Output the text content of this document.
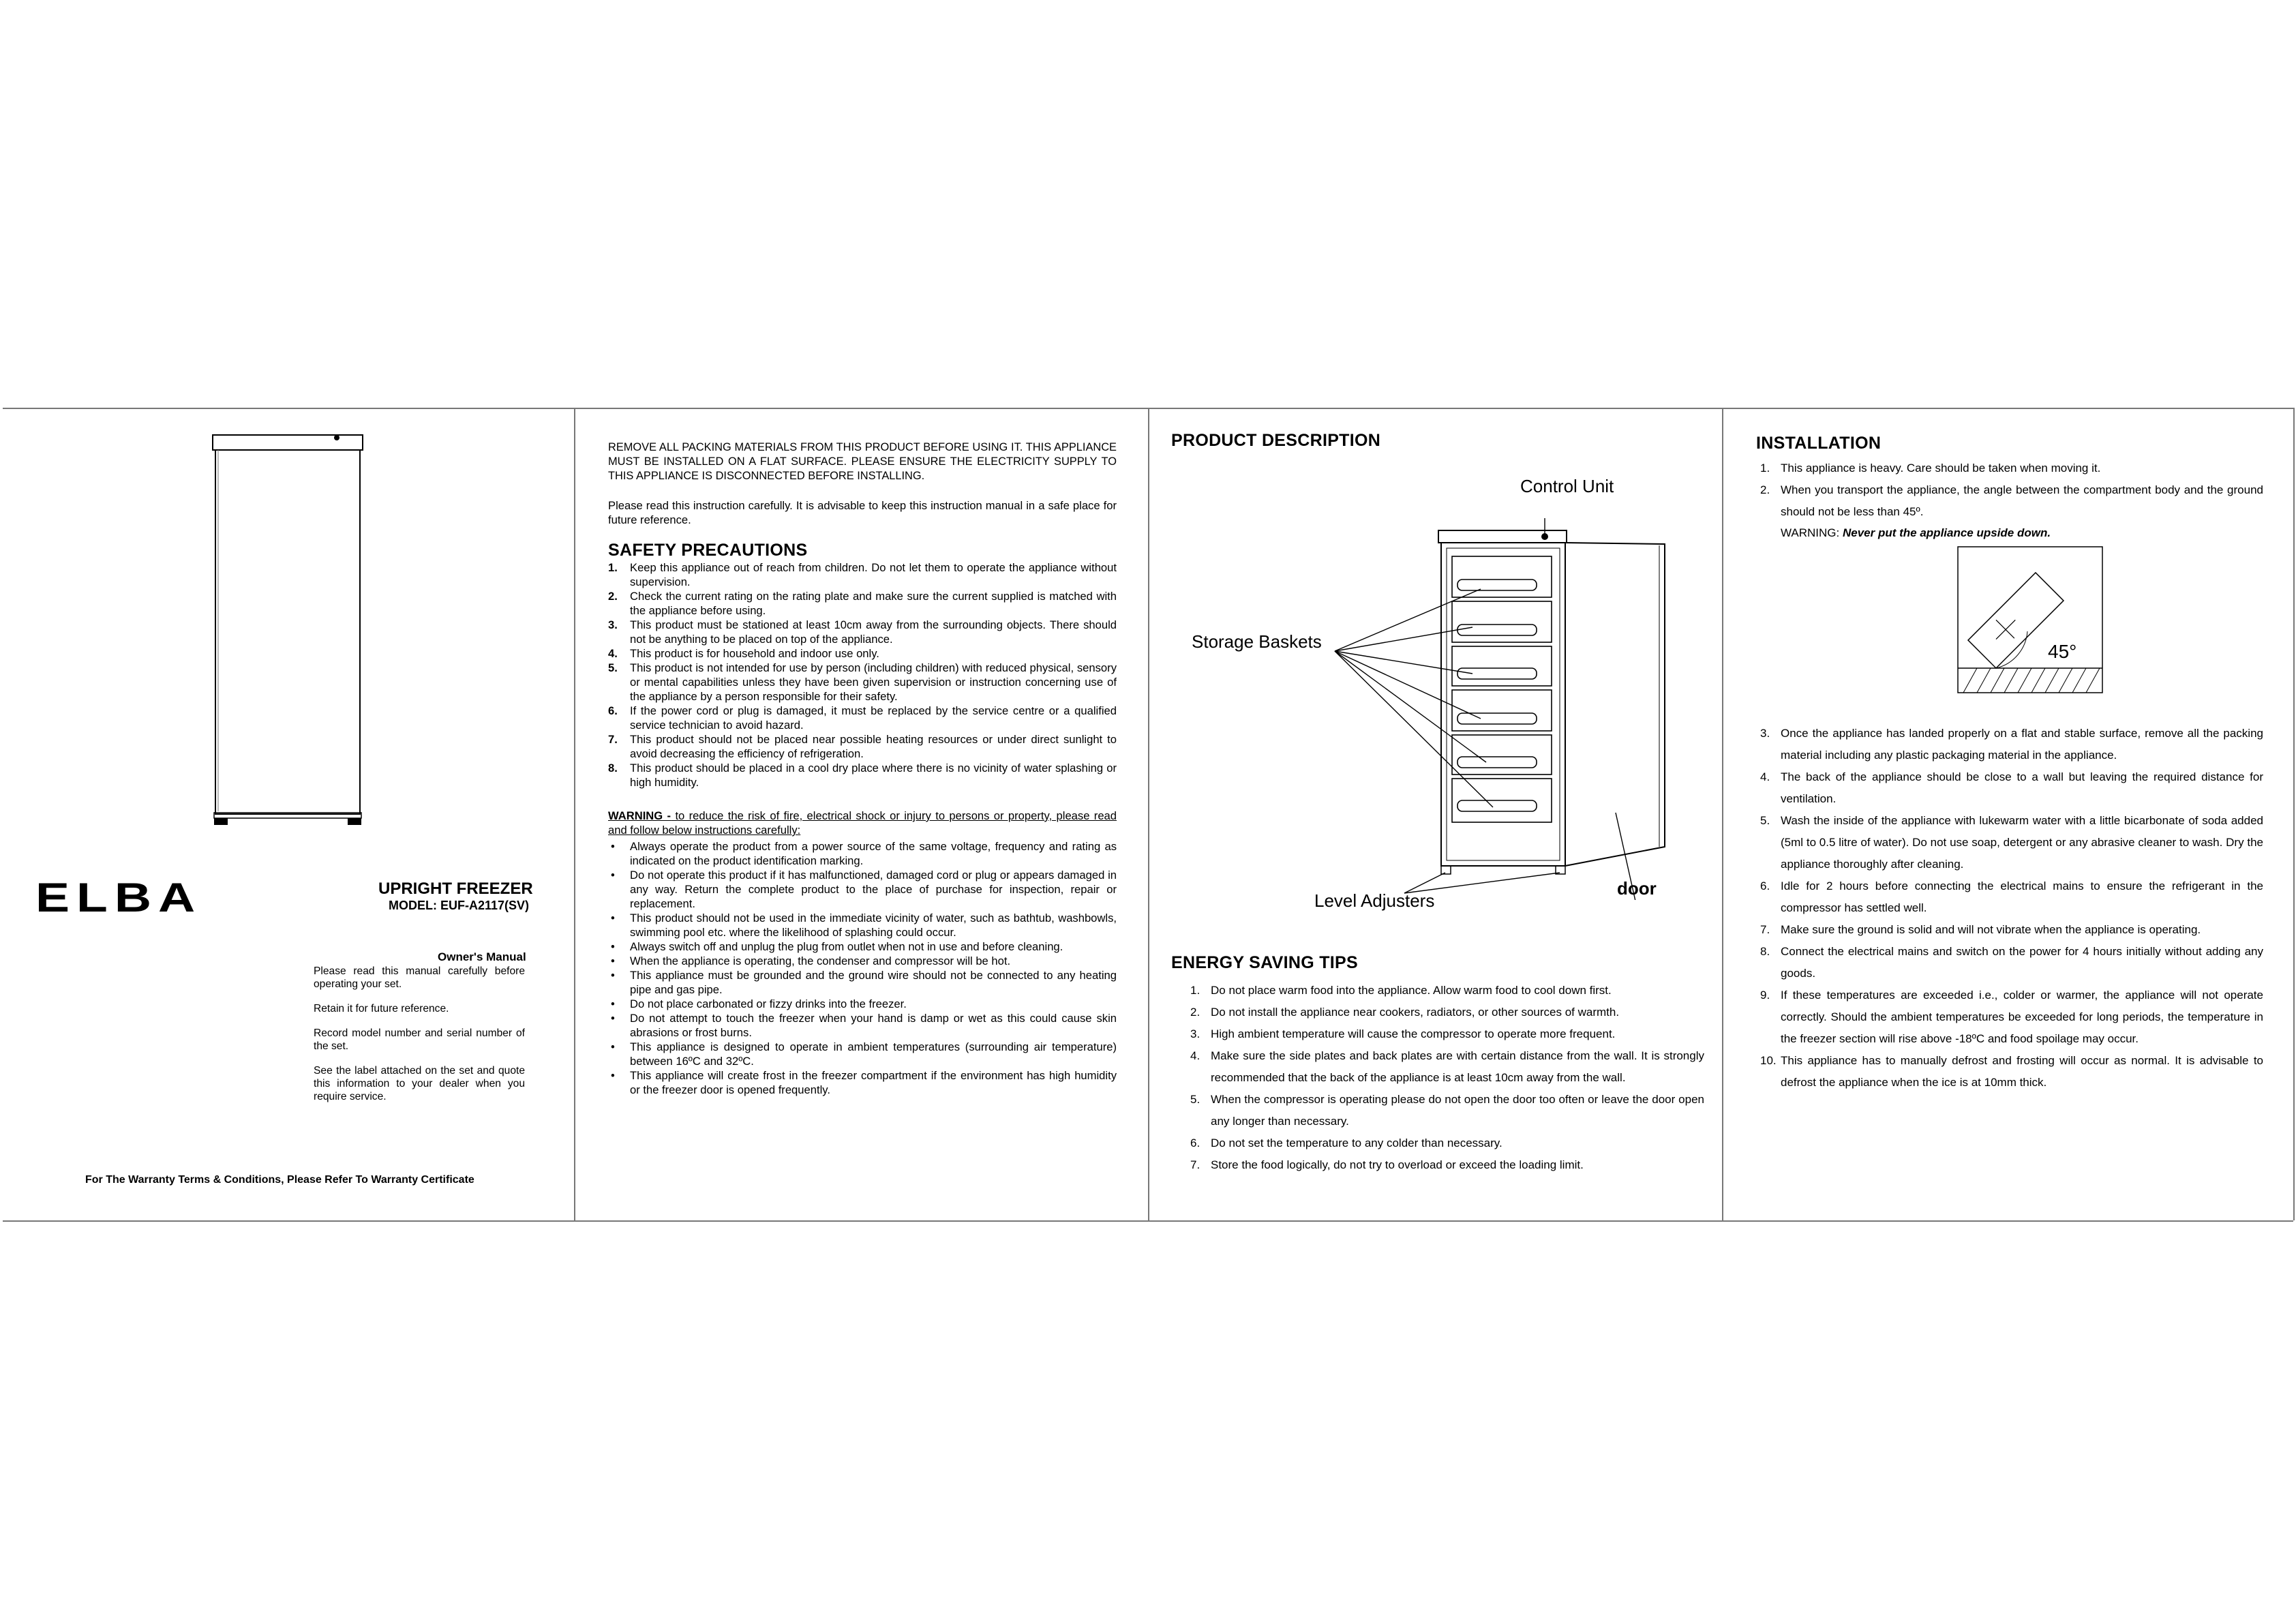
ELBA	UPRIGHT FREEZER
MODEL: EUF-A2117(SV)
Owner's Manual

Please read this manual carefully before operating your set.

Retain it for future reference.

Record model number and serial number of the set.

See the label attached on the set and quote this information to your dealer when you require service.

For The Warranty Terms & Conditions, Please Refer To Warranty Certificate

REMOVE ALL PACKING MATERIALS FROM THIS PRODUCT BEFORE USING IT. THIS APPLIANCE MUST BE INSTALLED ON A FLAT SURFACE. PLEASE ENSURE THE ELECTRICITY SUPPLY TO THIS APPLIANCE IS DISCONNECTED BEFORE INSTALLING.

Please read this instruction carefully. It is advisable to keep this instruction manual in a safe place for future reference.

SAFETY PRECAUTIONS
1. Keep this appliance out of reach from children. Do not let them to operate the appliance without supervision.
2. Check the current rating on the rating plate and make sure the current supplied is matched with the appliance before using.
3. This product must be stationed at least 10cm away from the surrounding objects. There should not be anything to be placed on top of the appliance.
4. This product is for household and indoor use only.
5. This product is not intended for use by person (including children) with reduced physical, sensory or mental capabilities unless they have been given supervision or instruction concerning use of the appliance by a person responsible for their safety.
6. If the power cord or plug is damaged, it must be replaced by the service centre or a qualified service technician to avoid hazard.
7. This product should not be placed near possible heating resources or under direct sunlight to avoid decreasing the efficiency of refrigeration.
8. This product should be placed in a cool dry place where there is no vicinity of water splashing or high humidity.

WARNING - to reduce the risk of fire, electrical shock or injury to persons or property, please read and follow below instructions carefully:

• Always operate the product from a power source of the same voltage, frequency and rating as indicated on the product identification marking.
• Do not operate this product if it has malfunctioned, damaged cord or plug or appears damaged in any way. Return the complete product to the place of purchase for inspection, repair or replacement.
• This product should not be used in the immediate vicinity of water, such as bathtub, washbowls, swimming pool etc. where the likelihood of splashing could occur.
• Always switch off and unplug the plug from outlet when not in use and before cleaning.
• When the appliance is operating, the condenser and compressor will be hot.
• This appliance must be grounded and the ground wire should not be connected to any heating pipe and gas pipe.
• Do not place carbonated or fizzy drinks into the freezer.
• Do not attempt to touch the freezer when your hand is damp or wet as this could cause skin abrasions or frost burns.
• This appliance is designed to operate in ambient temperatures (surrounding air temperature) between 16ºC and 32ºC.
• This appliance will create frost in the freezer compartment if the environment has high humidity or the freezer door is opened frequently.
PRODUCT DESCRIPTION
Control Unit
Storage Baskets
Level Adjusters
door
ENERGY SAVING TIPS
1. Do not place warm food into the appliance. Allow warm food to cool down first.
2. Do not install the appliance near cookers, radiators, or other sources of warmth.
3. High ambient temperature will cause the compressor to operate more frequent.
4. Make sure the side plates and back plates are with certain distance from the wall. It is strongly recommended that the back of the appliance is at least 10cm away from the wall.
5. When the compressor is operating please do not open the door too often or leave the door open any longer than necessary.
6. Do not set the temperature to any colder than necessary.
7. Store the food logically, do not try to overload or exceed the loading limit.
INSTALLATION
1. This appliance is heavy. Care should be taken when moving it.
2. When you transport the appliance, the angle between the compartment body and the ground should not be less than 45º.
WARNING: Never put the appliance upside down.
45°
3. Once the appliance has landed properly on a flat and stable surface, remove all the packing material including any plastic packaging material in the appliance.
4. The back of the appliance should be close to a wall but leaving the required distance for ventilation.
5. Wash the inside of the appliance with lukewarm water with a little bicarbonate of soda added (5ml to 0.5 litre of water). Do not use soap, detergent or any abrasive cleaner to wash. Dry the appliance thoroughly after cleaning.
6. Idle for 2 hours before connecting the electrical mains to ensure the refrigerant in the compressor has settled well.
7. Make sure the ground is solid and will not vibrate when the appliance is operating.
8. Connect the electrical mains and switch on the power for 4 hours initially without adding any goods.
9. If these temperatures are exceeded i.e., colder or warmer, the appliance will not operate correctly. Should the ambient temperatures be exceeded for long periods, the temperature in the freezer section will rise above -18ºC and food spoilage may occur.
10. This appliance has to manually defrost and frosting will occur as normal. It is advisable to defrost the appliance when the ice is at 10mm thick.
